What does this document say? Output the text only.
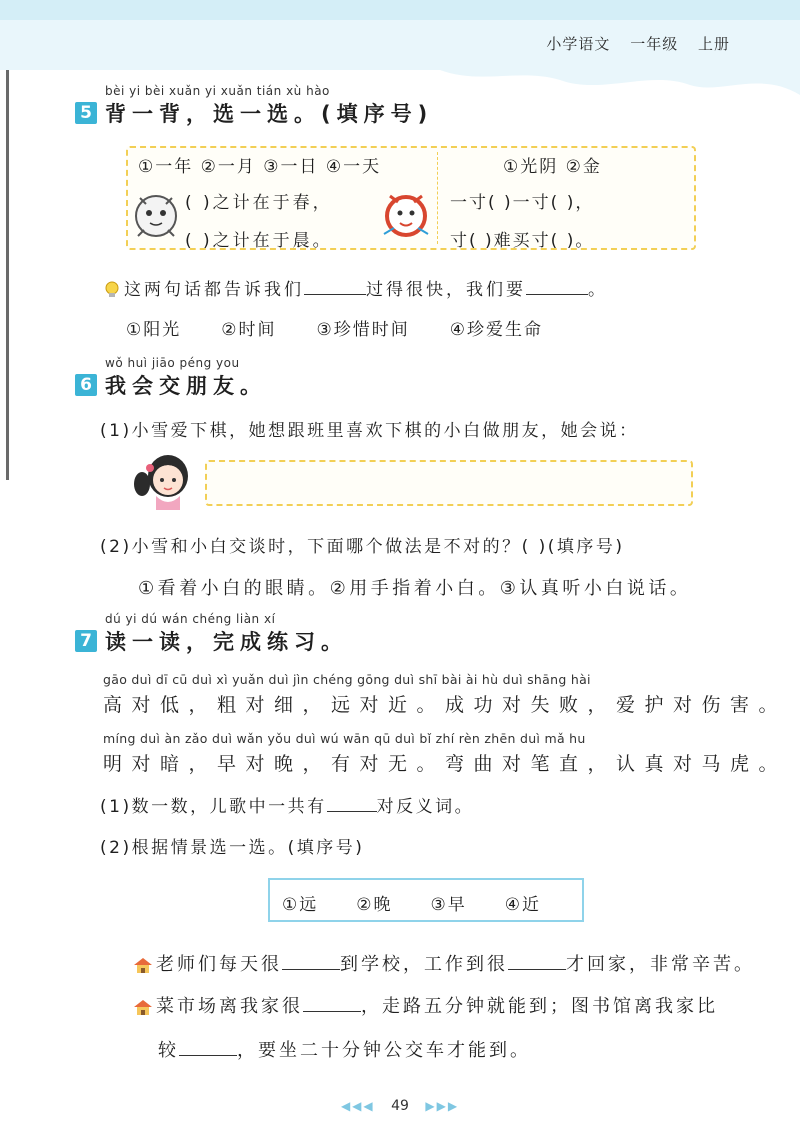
小学语文 一年级 上册
bèi yi bèi xuǎn yi xuǎn tián xù hào
5 背一背，选一选。(填序号)
①一年 ②一月 ③一日 ④一天
( )之计在于春，
( )之计在于晨。
①光阴 ②金
一寸( )一寸( )，
寸( )难买寸( )。
这两句话都告诉我们	过得很快，我们要	。
①阳光 ②时间 ③珍惜时间 ④珍爱生命
wǒ huì jiāo péng you
6 我会交朋友。
(1)小雪爱下棋，她想跟班里喜欢下棋的小白做朋友，她会说：
(2)小雪和小白交谈时，下面哪个做法是不对的？( )(填序号)
①看着小白的眼睛。②用手指着小白。③认真听小白说话。
dú yi dú wán chéng liàn xí
7 读一读，完成练习。
gāo duì dī cū duì xì yuǎn duì jìn chéng gōng duì shī bài ài hù duì shāng hài
高对低，粗对细，远对近。成功对失败，爱护对伤害。
míng duì àn zǎo duì wǎn yǒu duì wú wān qū duì bǐ zhí rèn zhēn duì mǎ hu
明对暗，早对晚，有对无。弯曲对笔直，认真对马虎。
(1)数一数，儿歌中一共有	对反义词。
(2)根据情景选一选。(填序号)
①远 ②晚 ③早 ④近
老师们每天很	到学校，工作到很	才回家，非常辛苦。
菜市场离我家很	，走路五分钟就能到；图书馆离我家比
较	，要坐二十分钟公交车才能到。
◀◀◀ 49 ▶▶▶
